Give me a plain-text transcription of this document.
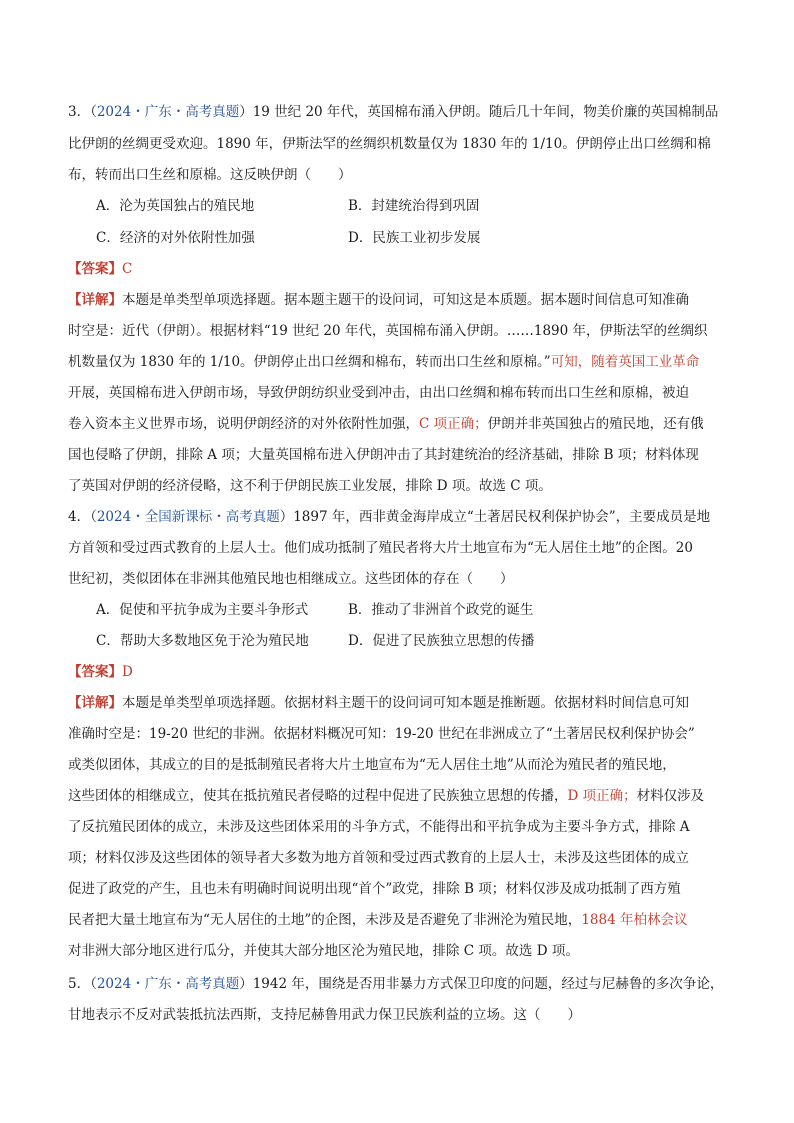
3．（2024・广东・高考真题）19 世纪 20 年代，英国棉布涌入伊朗。随后几十年间，物美价廉的英国棉制品
比伊朗的丝绸更受欢迎。1890 年，伊斯法罕的丝绸织机数量仅为 1830 年的 1/10。伊朗停止出口丝绸和棉
布，转而出口生丝和原棉。这反映伊朗（　　）
A．沦为英国独占的殖民地	B．封建统治得到巩固
C．经济的对外依附性加强	D．民族工业初步发展
【答案】C
【详解】本题是单类型单项选择题。据本题主题干的设问词，可知这是本质题。据本题时间信息可知准确
时空是：近代（伊朗）。根据材料“19 世纪 20 年代，英国棉布涌入伊朗。……1890 年，伊斯法罕的丝绸织
机数量仅为 1830 年的 1/10。伊朗停止出口丝绸和棉布，转而出口生丝和原棉。”可知，随着英国工业革命
开展，英国棉布进入伊朗市场，导致伊朗纺织业受到冲击，由出口丝绸和棉布转而出口生丝和原棉，被迫
卷入资本主义世界市场，说明伊朗经济的对外依附性加强，C 项正确；伊朗并非英国独占的殖民地，还有俄
国也侵略了伊朗，排除 A 项；大量英国棉布进入伊朗冲击了其封建统治的经济基础，排除 B 项；材料体现
了英国对伊朗的经济侵略，这不利于伊朗民族工业发展，排除 D 项。故选 C 项。
4．（2024・全国新课标・高考真题）1897 年，西非黄金海岸成立“土著居民权利保护协会”，主要成员是地
方首领和受过西式教育的上层人士。他们成功抵制了殖民者将大片土地宣布为“无人居住土地”的企图。20
世纪初，类似团体在非洲其他殖民地也相继成立。这些团体的存在（　　）
A．促使和平抗争成为主要斗争形式	B．推动了非洲首个政党的诞生
C．帮助大多数地区免于沦为殖民地	D．促进了民族独立思想的传播
【答案】D
【详解】本题是单类型单项选择题。依据材料主题干的设问词可知本题是推断题。依据材料时间信息可知
准确时空是：19-20 世纪的非洲。依据材料概况可知：19-20 世纪在非洲成立了“土著居民权利保护协会”
或类似团体，其成立的目的是抵制殖民者将大片土地宣布为“无人居住土地”从而沦为殖民者的殖民地，
这些团体的相继成立，使其在抵抗殖民者侵略的过程中促进了民族独立思想的传播，D 项正确；材料仅涉及
了反抗殖民团体的成立，未涉及这些团体采用的斗争方式，不能得出和平抗争成为主要斗争方式，排除 A
项；材料仅涉及这些团体的领导者大多数为地方首领和受过西式教育的上层人士，未涉及这些团体的成立
促进了政党的产生，且也未有明确时间说明出现“首个”政党，排除 B 项；材料仅涉及成功抵制了西方殖
民者把大量土地宣布为“无人居住的土地”的企图，未涉及是否避免了非洲沦为殖民地，1884 年柏林会议
对非洲大部分地区进行瓜分，并使其大部分地区沦为殖民地，排除 C 项。故选 D 项。
5．（2024・广东・高考真题）1942 年，围绕是否用非暴力方式保卫印度的问题，经过与尼赫鲁的多次争论，
甘地表示不反对武装抵抗法西斯，支持尼赫鲁用武力保卫民族利益的立场。这（　　）
